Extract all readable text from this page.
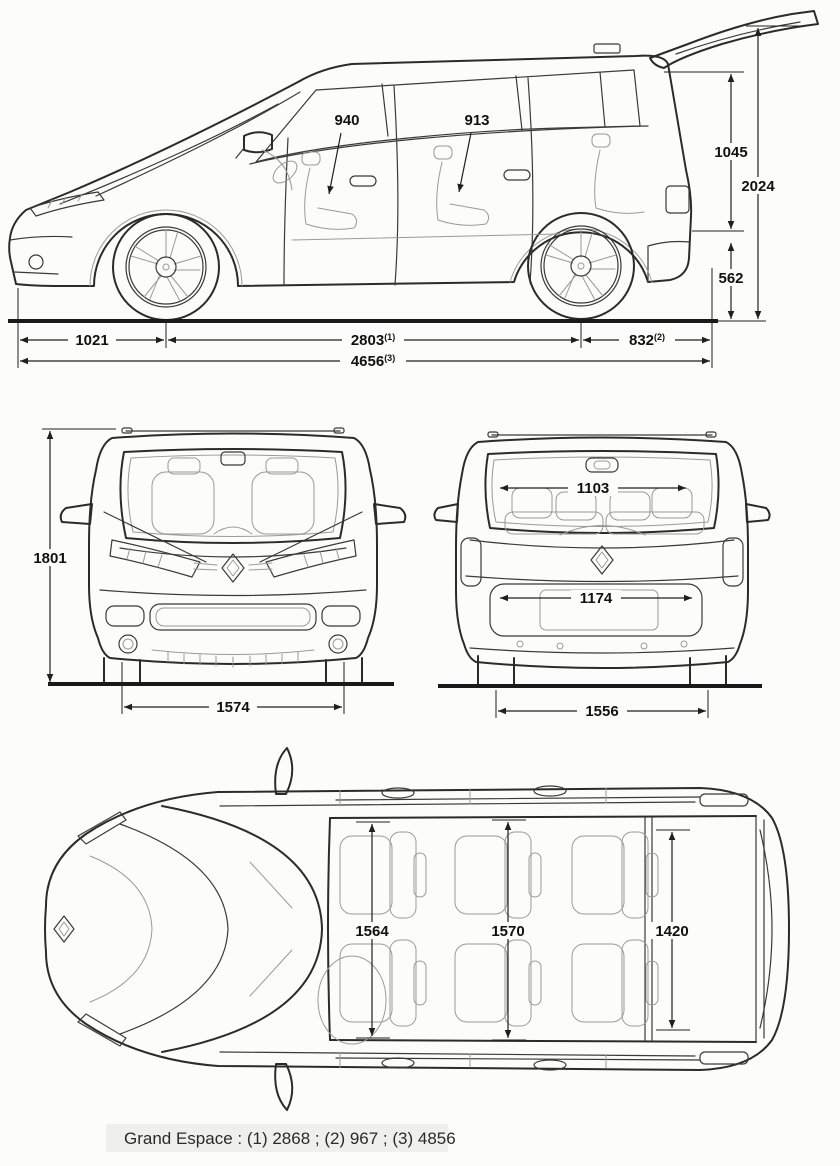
940	913
1045
2024
562
1021	2803$^{(1)}$	832$^{(2)}$
4656$^{(3)}$
1801
1574
1103
1174
1556
1564	1570	1420
Grand Espace : (1) 2868 ; (2) 967 ; (3) 4856
